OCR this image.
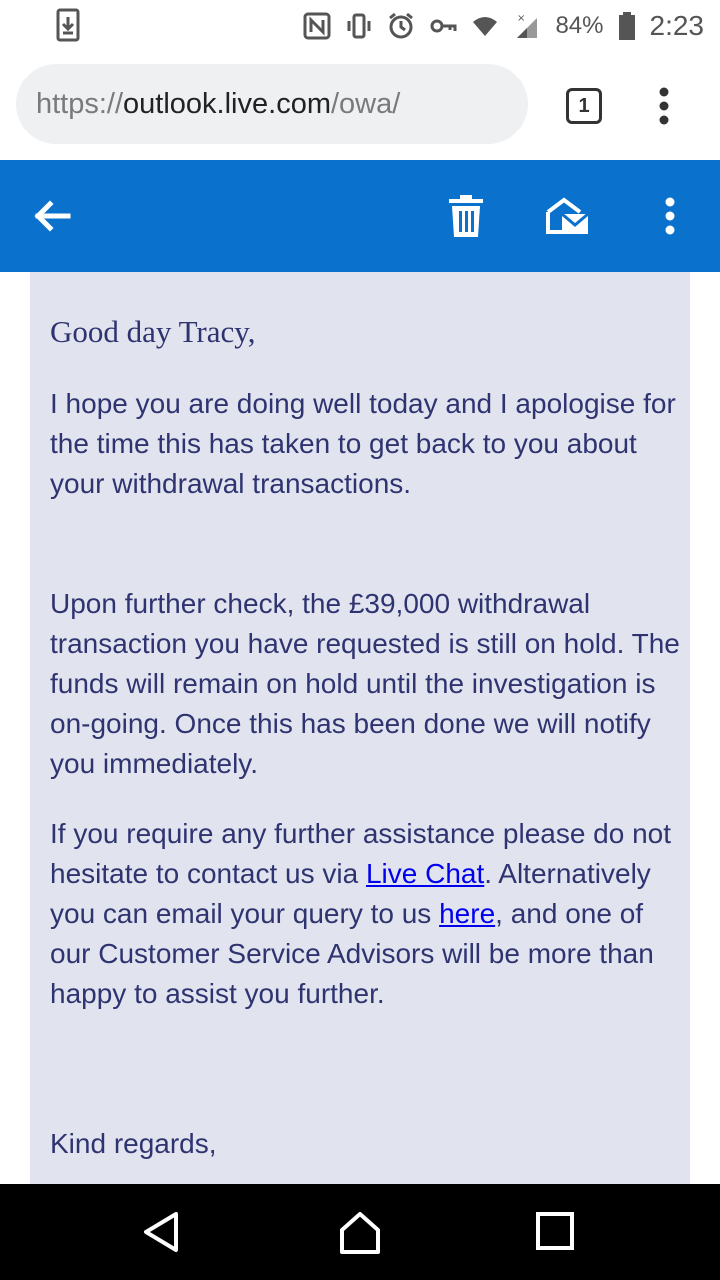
× 84% 2:23
https:// outlook.live.com /owa/	1
Good day Tracy,
I hope you are doing well today and I apologise for the time this has taken to get back to you about your withdrawal transactions.
Upon further check, the £39,000 withdrawal transaction you have requested is still on hold. The funds will remain on hold until the investigation is on-going. Once this has been done we will notify you immediately.
If you require any further assistance please do not hesitate to contact us via Live Chat. Alternatively you can email your query to us here, and one of our Customer Service Advisors will be more than happy to assist you further.
Kind regards,
